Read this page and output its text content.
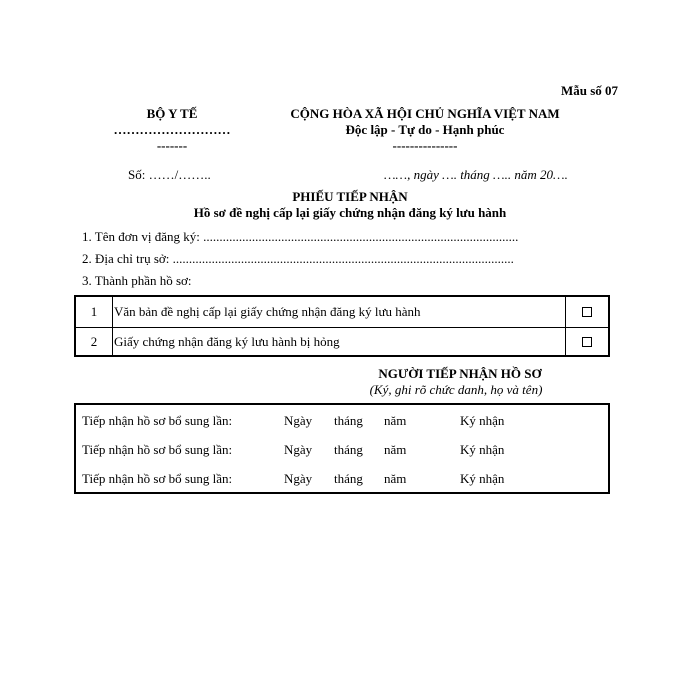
Mẫu số 07
BỘ Y TẾ
………………………
-------
CỘNG HÒA XÃ HỘI CHỦ NGHĨA VIỆT NAM
Độc lập - Tự do - Hạnh phúc
---------------
Số: ……/……..	……, ngày …. tháng ….. năm 20….
PHIẾU TIẾP NHẬN
Hồ sơ đề nghị cấp lại giấy chứng nhận đăng ký lưu hành
1. Tên đơn vị đăng ký: .................................................................................................
2. Địa chỉ trụ sở: .........................................................................................................
3. Thành phần hồ sơ:
1	Văn bản đề nghị cấp lại giấy chứng nhận đăng ký lưu hành
2	Giấy chứng nhận đăng ký lưu hành bị hỏng
NGƯỜI TIẾP NHẬN HỒ SƠ
(Ký, ghi rõ chức danh, họ và tên)
Tiếp nhận hồ sơ bổ sung lần:	Ngày tháng năm	Ký nhận
Tiếp nhận hồ sơ bổ sung lần:	Ngày tháng năm	Ký nhận
Tiếp nhận hồ sơ bổ sung lần:	Ngày tháng năm	Ký nhận
